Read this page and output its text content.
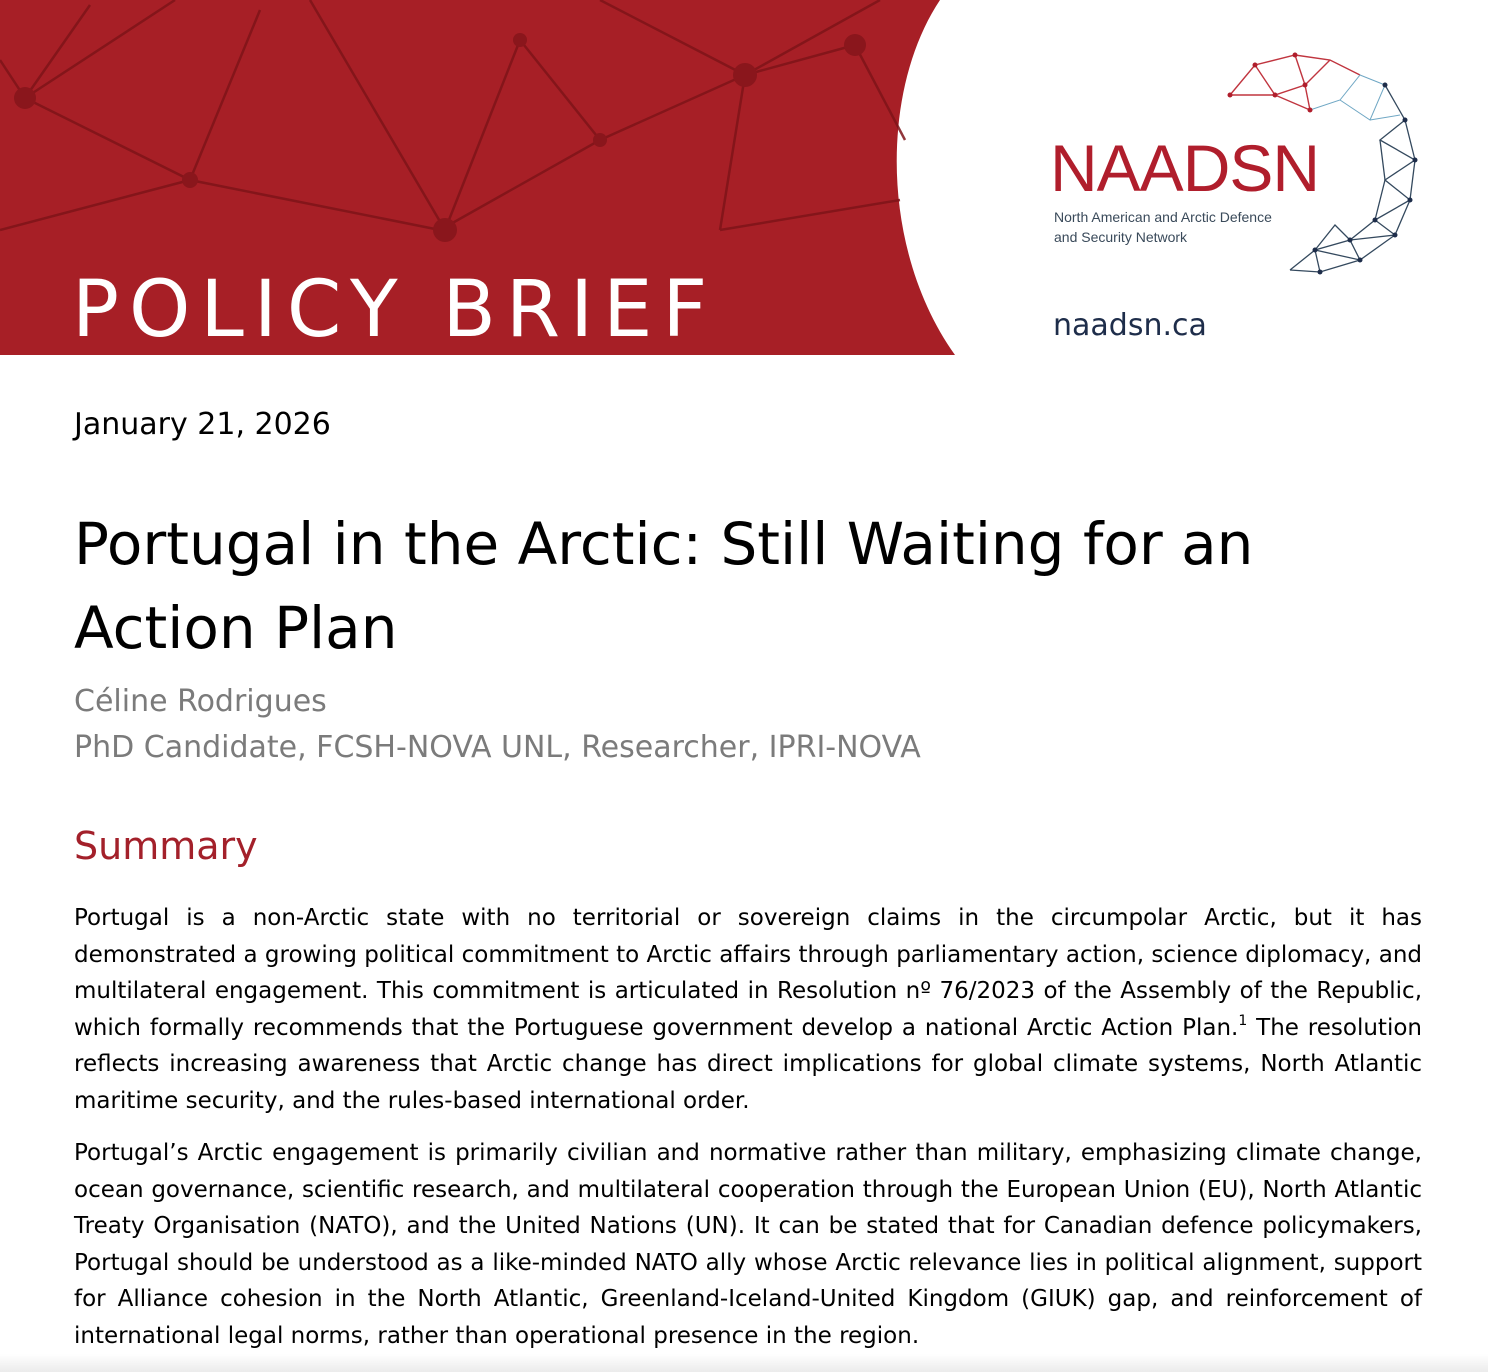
POLICY BRIEF
NAADSN
North American and Arctic Defence
and Security Network
naadsn.ca
January 21, 2026
Portugal in the Arctic: Still Waiting for an Action Plan
Céline Rodrigues
PhD Candidate, FCSH-NOVA UNL, Researcher, IPRI-NOVA
Summary
Portugal is a non-Arctic state with no territorial or sovereign claims in the circumpolar Arctic, but it has demonstrated a growing political commitment to Arctic affairs through parliamentary action, science diplomacy, and multilateral engagement. This commitment is articulated in Resolution nº 76/2023 of the Assembly of the Republic, which formally recommends that the Portuguese government develop a national Arctic Action Plan.$^1$ The resolution reflects increasing awareness that Arctic change has direct implications for global climate systems, North Atlantic maritime security, and the rules-based international order.
Portugal’s Arctic engagement is primarily civilian and normative rather than military, emphasizing climate change, ocean governance, scientific research, and multilateral cooperation through the European Union (EU), North Atlantic Treaty Organisation (NATO), and the United Nations (UN). It can be stated that for Canadian defence policymakers, Portugal should be understood as a like-minded NATO ally whose Arctic relevance lies in political alignment, support for Alliance cohesion in the North Atlantic, Greenland-Iceland-United Kingdom (GIUK) gap, and reinforcement of international legal norms, rather than operational presence in the region.
